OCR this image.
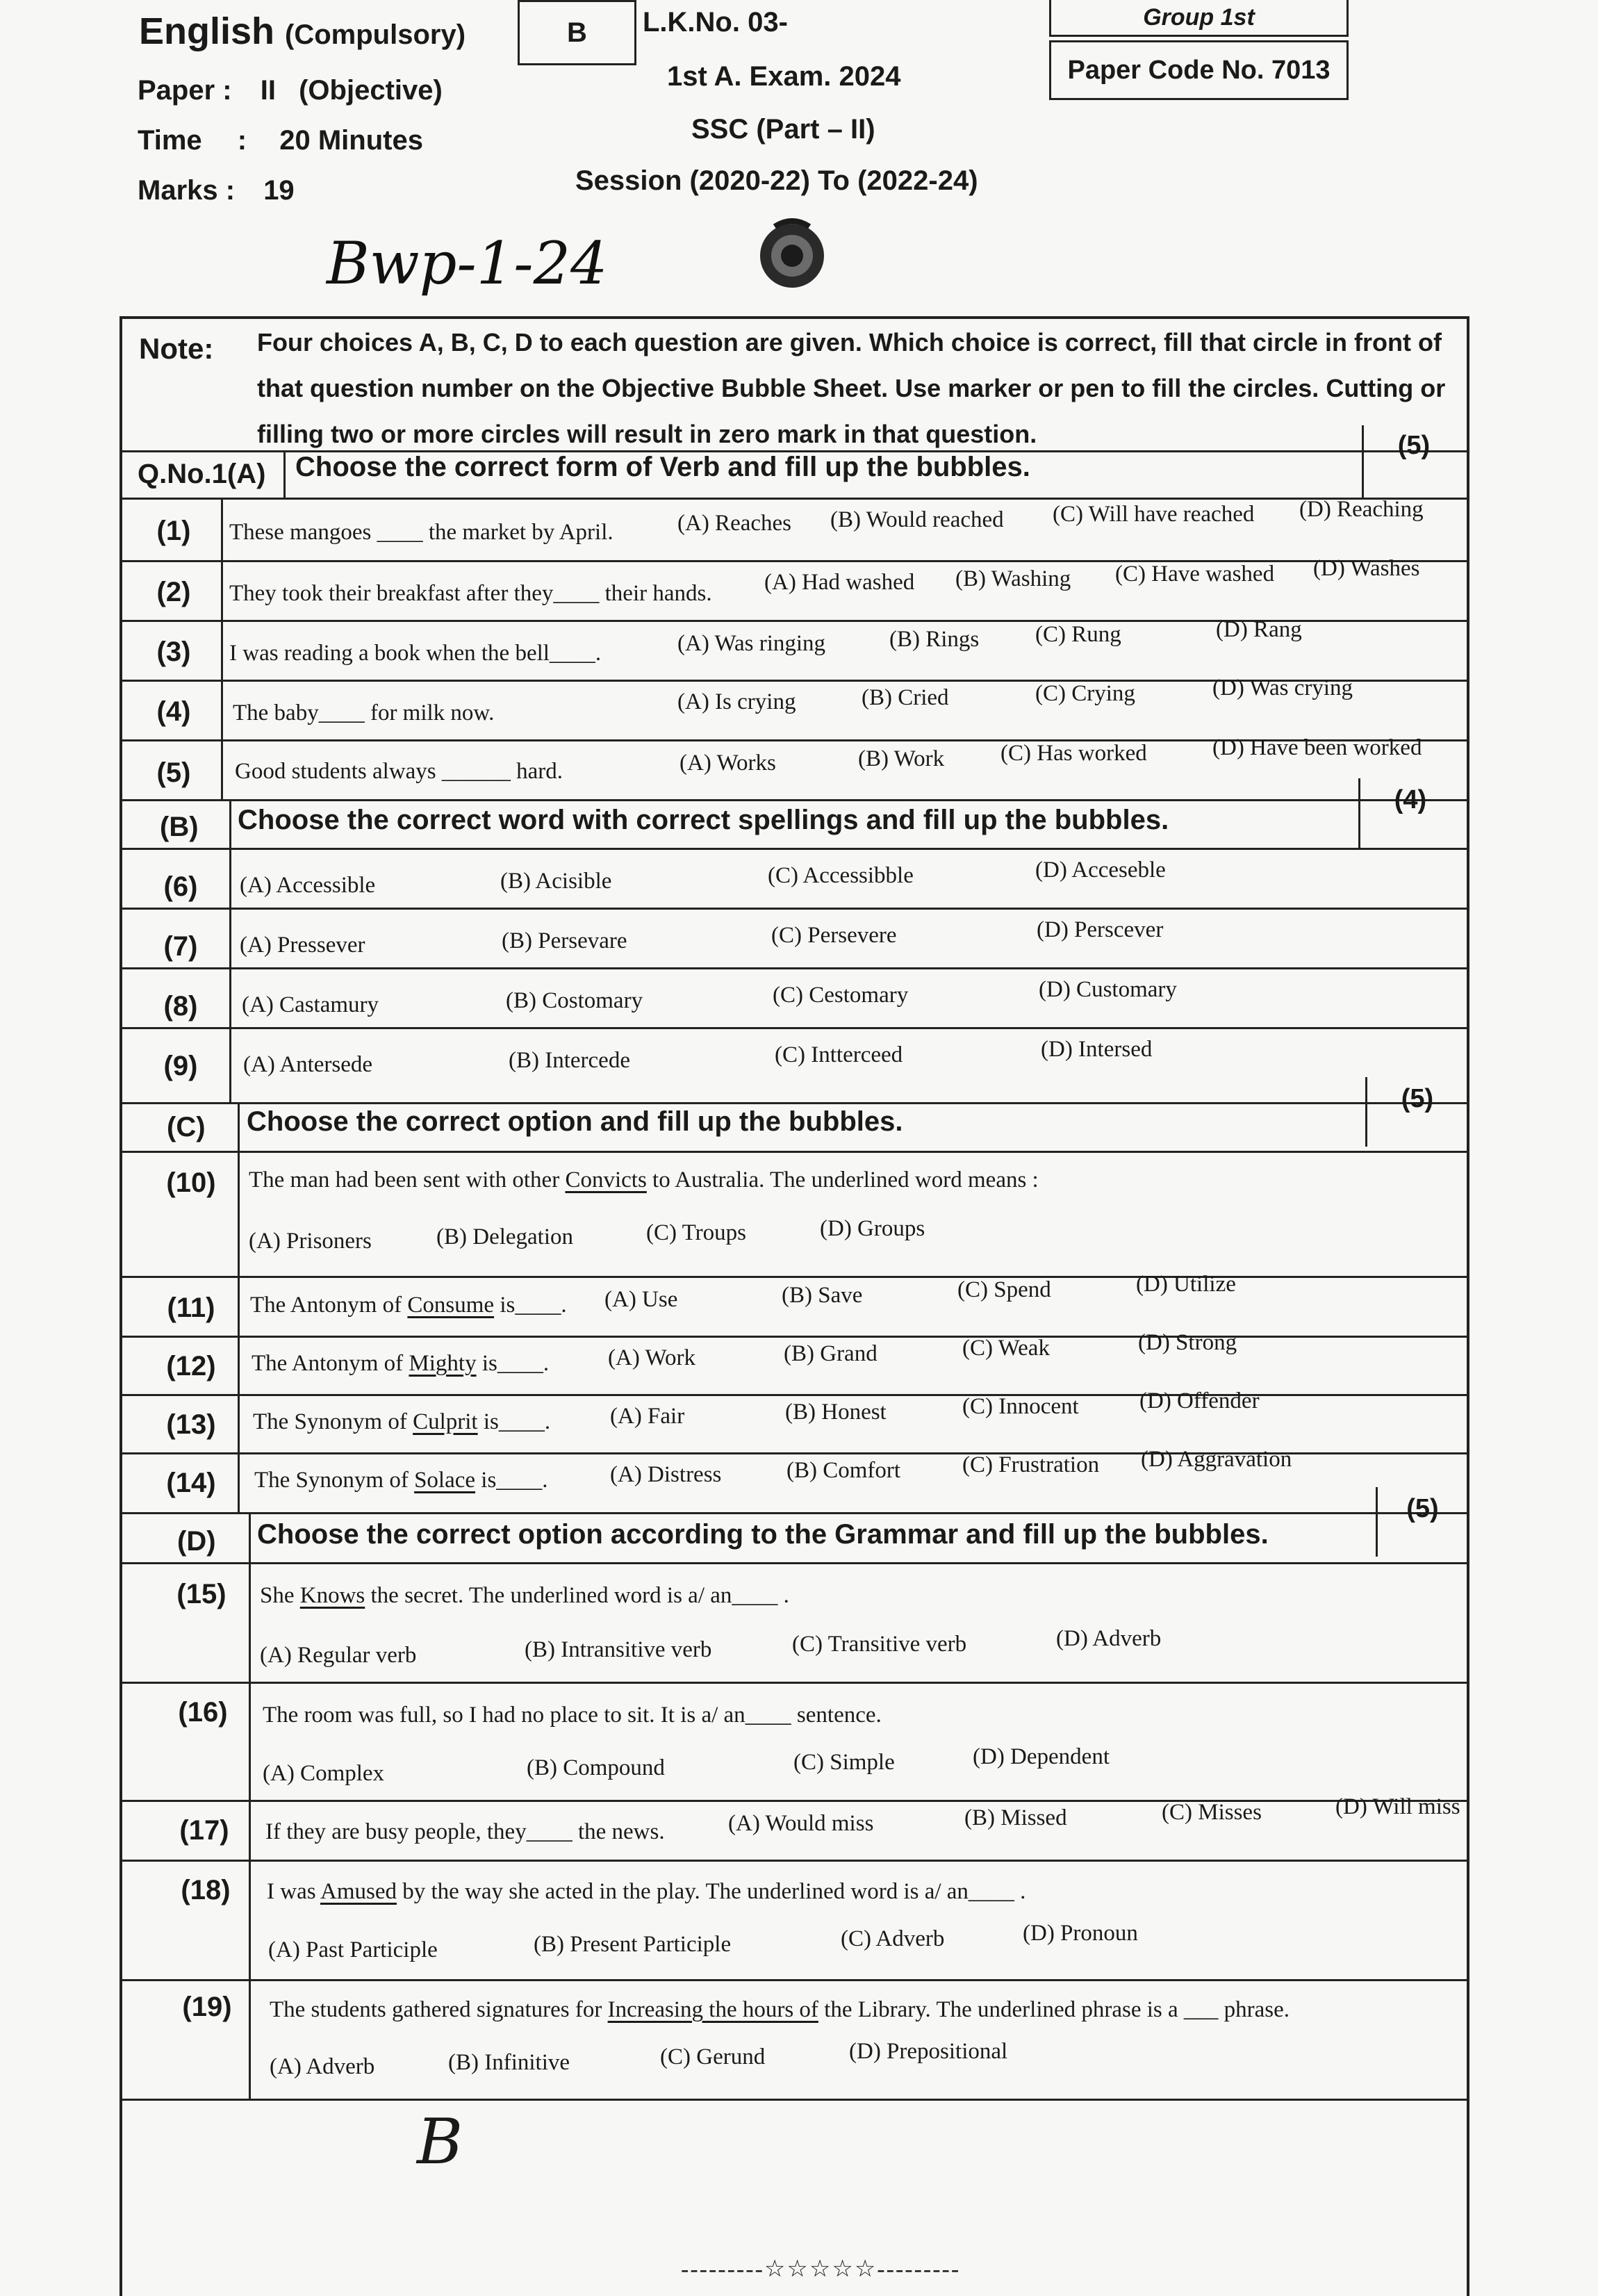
English (Compulsory)
Paper : II (Objective)
Time : 20 Minutes
Marks : 19
B	L.K.No. 03-
1st A. Exam. 2024
SSC (Part – II)
Session (2020-22) To (2022-24)
Group 1st
Paper Code No. 7013
Bwp-1-24
Note: Four choices A, B, C, D to each question are given. Which choice is correct, fill that circle in front of that question number on the Objective Bubble Sheet. Use marker or pen to fill the circles. Cutting or filling two or more circles will result in zero mark in that question.
Q.No.1(A) Choose the correct form of Verb and fill up the bubbles.
(5)
(1)	These mangoes ____ the market by April.	(A) Reaches (B) Would reached (C) Will have reached (D) Reaching
(2)	They took their breakfast after they____ their hands. (A) Had washed (B) Washing (C) Have washed (D) Washes
(3)	I was reading a book when the bell____.	(A) Was ringing	(B) Rings (C) Rung	(D) Rang
(4)	The baby____ for milk now.	(A) Is crying	(B) Cried	(C) Crying	(D) Was crying
(5)	Good students always ______ hard.	(A) Works	(B) Work (C) Has worked	(D) Have been worked
(B) Choose the correct word with correct spellings and fill up the bubbles.
(4)
(6)	(A) Accessible	(B) Acisible	(C) Accessibble	(D) Acceseble
(7)	(A) Pressever	(B) Persevare	(C) Persevere	(D) Perscever
(8)	(A) Castamury	(B) Costomary	(C) Cestomary	(D) Customary
(9)	(A) Antersede	(B) Intercede	(C) Intterceed	(D) Intersed
(C) Choose the correct option and fill up the bubbles.
(5)
(10)	The man had been sent with other Convicts to Australia. The underlined word means :
(A) Prisoners	(B) Delegation	(C) Troups	(D) Groups
(11)	The Antonym of Consume is____. (A) Use	(B) Save	(C) Spend	(D) Utilize
(12)	The Antonym of Mighty is____.	(A) Work	(B) Grand	(C) Weak	(D) Strong
(13)	The Synonym of Culprit is____.	(A) Fair	(B) Honest	(C) Innocent	(D) Offender
(14)	The Synonym of Solace is____.	(A) Distress	(B) Comfort	(C) Frustration (D) Aggravation
(D) Choose the correct option according to the Grammar and fill up the bubbles.
(5)
(15)	She Knows the secret. The underlined word is a/ an____ .
(A) Regular verb	(B) Intransitive verb	(C) Transitive verb	(D) Adverb
(16)	The room was full, so I had no place to sit. It is a/ an____ sentence.
(A) Complex	(B) Compound	(C) Simple	(D) Dependent
(17)	If they are busy people, they____ the news.	(A) Would miss	(B) Missed	(C) Misses	(D) Will miss
(18)	I was Amused by the way she acted in the play. The underlined word is a/ an____ .
(A) Past Participle	(B) Present Participle	(C) Adverb	(D) Pronoun
(19)	The students gathered signatures for Increasing the hours of the Library. The underlined phrase is a ___ phrase.
(A) Adverb	(B) Infinitive	(C) Gerund	(D) Prepositional
B
---------☆☆☆☆☆---------
